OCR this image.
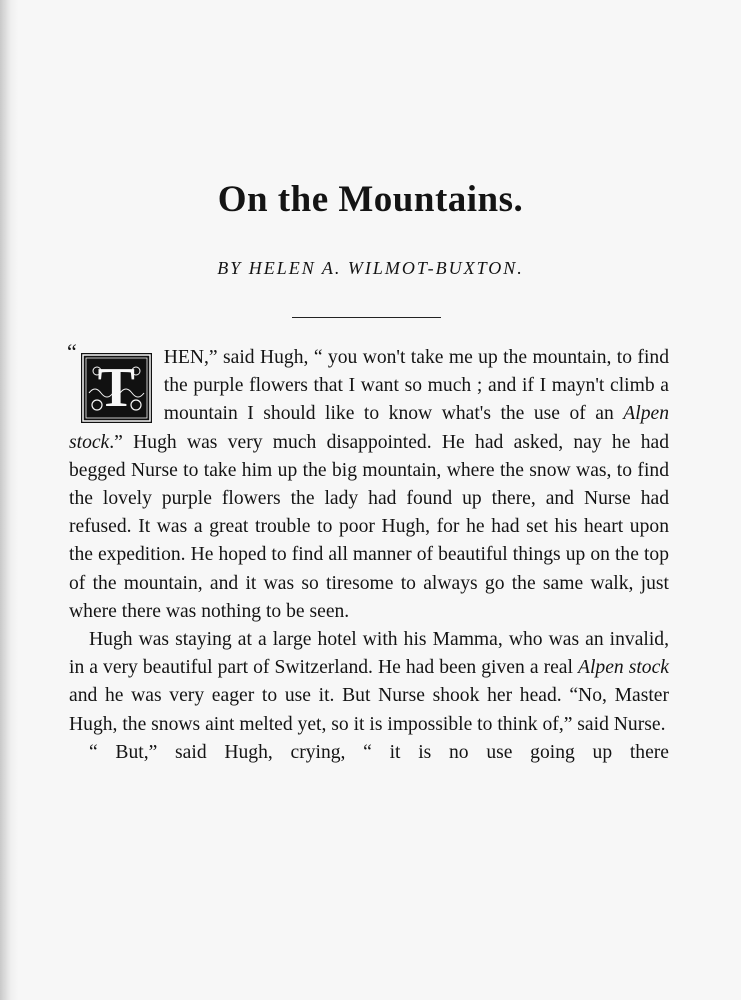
On the Mountains.
BY HELEN A. WILMOT-BUXTON.

“
T HEN,” said Hugh, “ you won't take me up the mountain, to find the purple flowers that I want so much ; and if I mayn't climb a mountain I should like to know what's the use of an Alpen stock.” Hugh was very much disappointed. He had asked, nay he had begged Nurse to take him up the big mountain, where the snow was, to find the lovely purple flowers the lady had found up there, and Nurse had refused. It was a great trouble to poor Hugh, for he had set his heart upon the expedition. He hoped to find all manner of beautiful things up on the top of the mountain, and it was so tiresome to always go the same walk, just where there was nothing to be seen.

Hugh was staying at a large hotel with his Mamma, who was an invalid, in a very beautiful part of Switzerland. He had been given a real Alpen stock and he was very eager to use it. But Nurse shook her head. “No, Master Hugh, the snows aint melted yet, so it is impossible to think of,” said Nurse.

“ But,” said Hugh, crying, “ it is no use going up there
